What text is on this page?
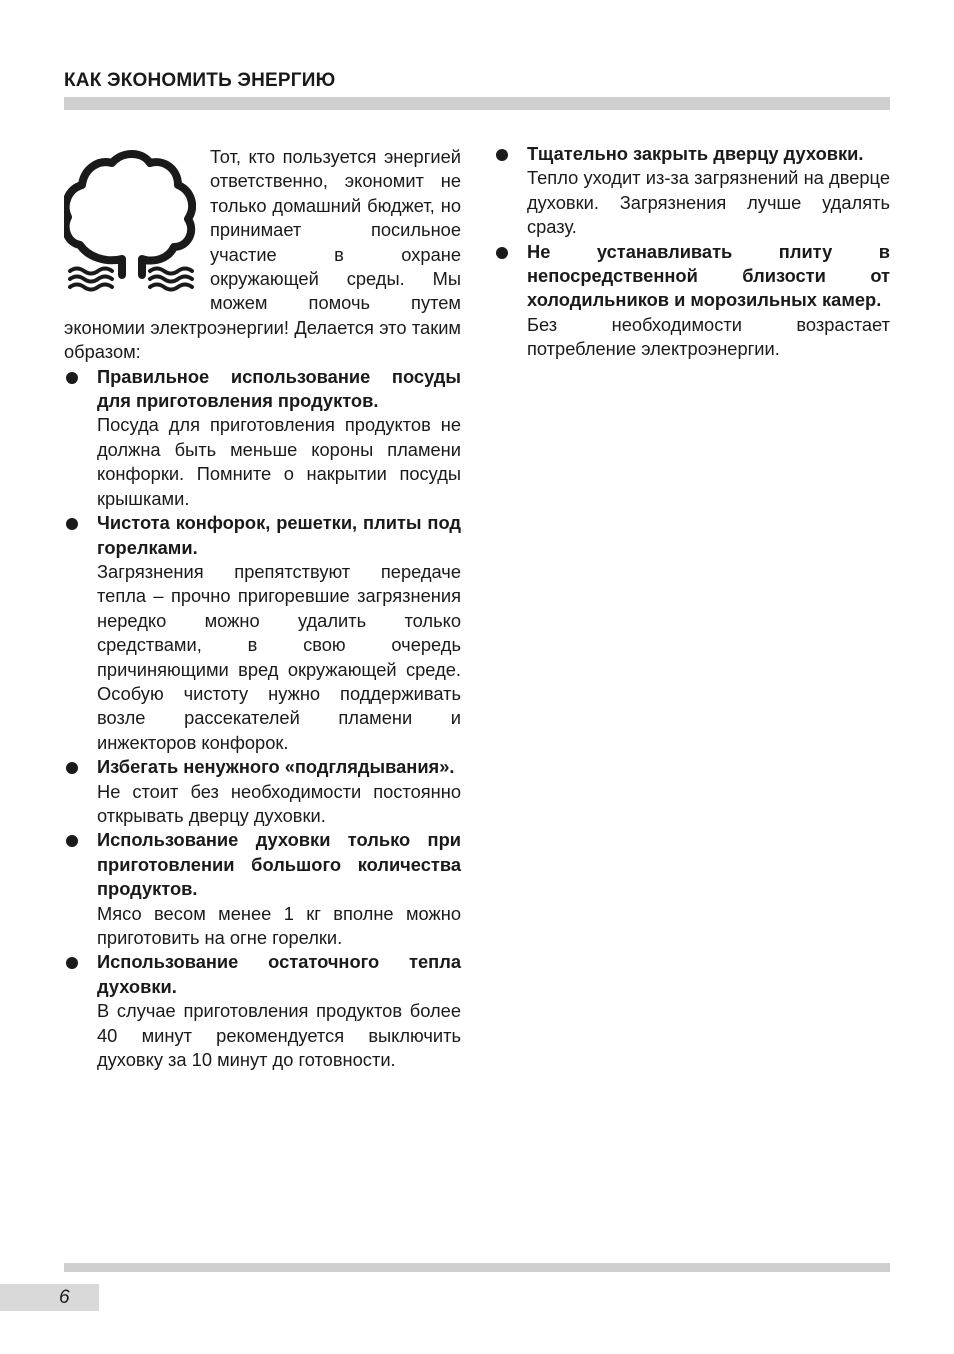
КАК ЭКОНОМИТЬ ЭНЕРГИЮ

Тот, кто пользуется энергией ответственно, экономит не только домашний бюджет, но принимает посильное участие в охране окружающей среды. Мы можем помочь путем экономии электроэнергии! Делается это таким образом:

Правильное использование посуды для приготовления продуктов.

Посуда для приготовления продуктов не должна быть меньше короны пламени конфорки. Помните о накрытии посуды крышками.

Чистота конфорок, решетки, плиты под горелками.

Загрязнения препятствуют передаче тепла – прочно пригоревшие загрязнения нередко можно удалить только средствами, в свою очередь причиняющими вред окружающей среде. Особую чистоту нужно поддерживать возле рассекателей пламени и инжекторов конфорок.

Избегать ненужного «подглядывания».

Не стоит без необходимости постоянно открывать дверцу духовки.

Использование духовки только при приготовлении большого количества продуктов.

Мясо весом менее 1 кг вполне можно приготовить на огне горелки.

Использование остаточного тепла духовки.

В случае приготовления продуктов более 40 минут рекомендуется выключить духовку за 10 минут до готовности.

Тщательно закрыть дверцу духовки.

Тепло уходит из-за загрязнений на дверце духовки. Загрязнения лучше удалять сразу.

Не устанавливать плиту в непосредственной близости от холодильников и морозильных камер.

Без необходимости возрастает потребление электроэнергии.

6
